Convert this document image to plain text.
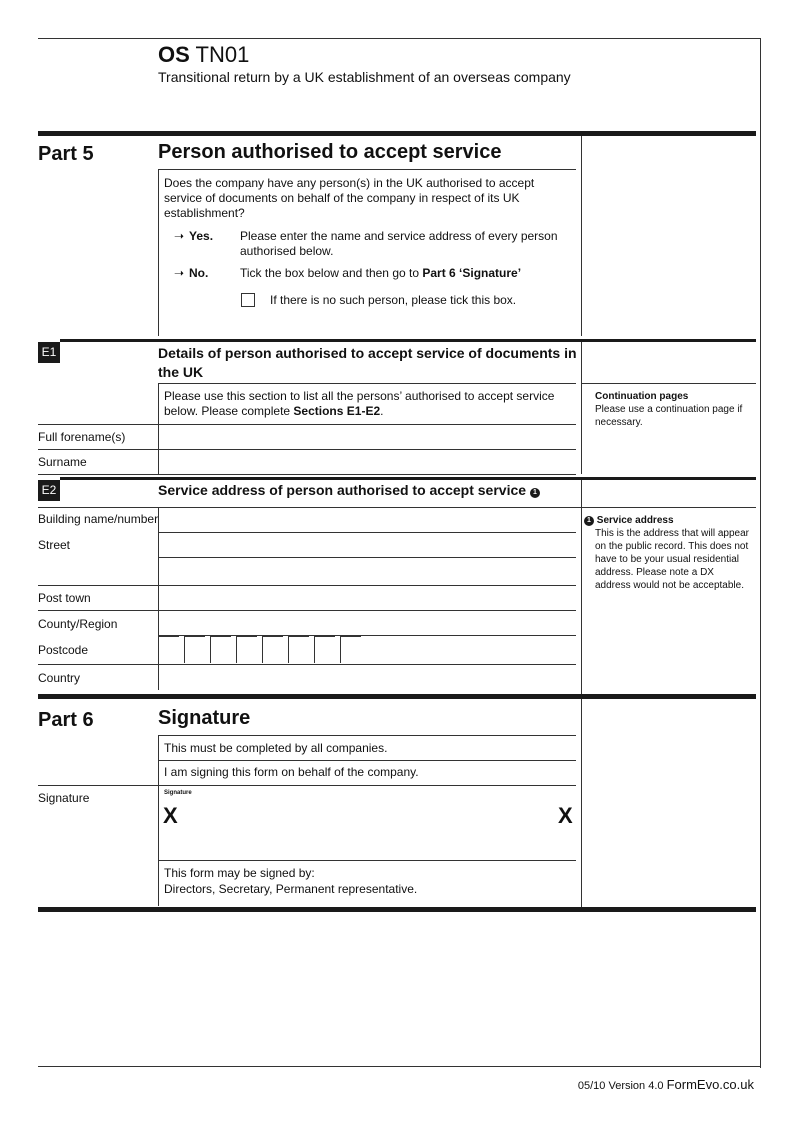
OS TN01
Transitional return by a UK establishment of an overseas company
Part 5	Person authorised to accept service
Does the company have any person(s) in the UK authorised to accept service of documents on behalf of the company in respect of its UK establishment?
➝ Yes. Please enter the name and service address of every person authorised below.
➝ No.	Tick the box below and then go to Part 6 ‘Signature’
If there is no such person, please tick this box.
E1	Details of person authorised to accept service of documents in the UK
Please use this section to list all the persons’ authorised to accept service below. Please complete Sections E1-E2.
Continuation pages
Please use a continuation page if necessary.
Full forename(s)
Surname
E2	Service address of person authorised to accept service 1
1 Service address
This is the address that will appear on the public record. This does not have to be your usual residential address. Please note a DX address would not be acceptable.
Building name/number
Street
Post town
County/Region
Postcode
Country
Part 6	Signature
This must be completed by all companies.
I am signing this form on behalf of the company.
Signature	Signature
X	X
This form may be signed by:
Directors, Secretary, Permanent representative.
05/10 Version 4.0 FormEvo.co.uk
